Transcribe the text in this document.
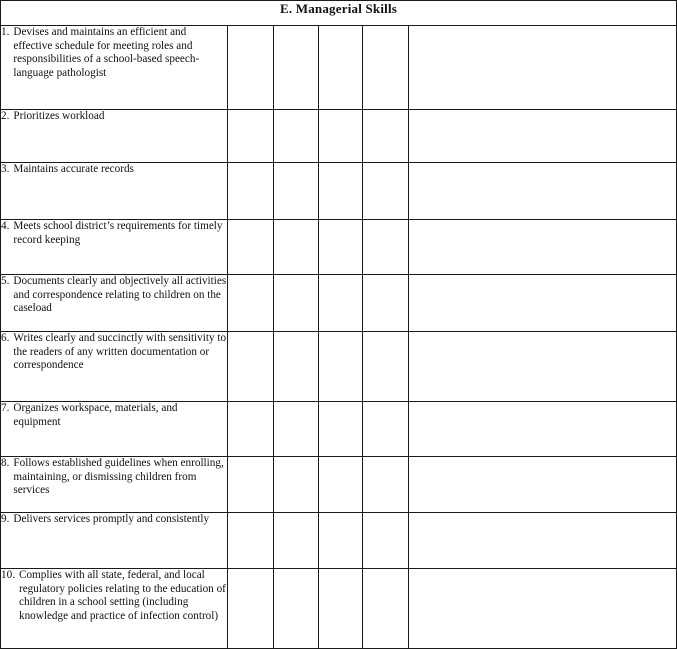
E. Managerial Skills					

1. Devises and maintains an efficient and effective schedule for meeting roles and responsibilities of a school-based speech-language pathologist					

2. Prioritizes workload					

3. Maintains accurate records					

4. Meets school district’s requirements for timely record keeping					

5. Documents clearly and objectively all activities and correspondence relating to children on the caseload					

6. Writes clearly and succinctly with sensitivity to the readers of any written documentation or correspondence					

7. Organizes workspace, materials, and equipment					

8. Follows established guidelines when enrolling, maintaining, or dismissing children from services					

9. Delivers services promptly and consistently					

10. Complies with all state, federal, and local regulatory policies relating to the education of children in a school setting (including knowledge and practice of infection control)					
